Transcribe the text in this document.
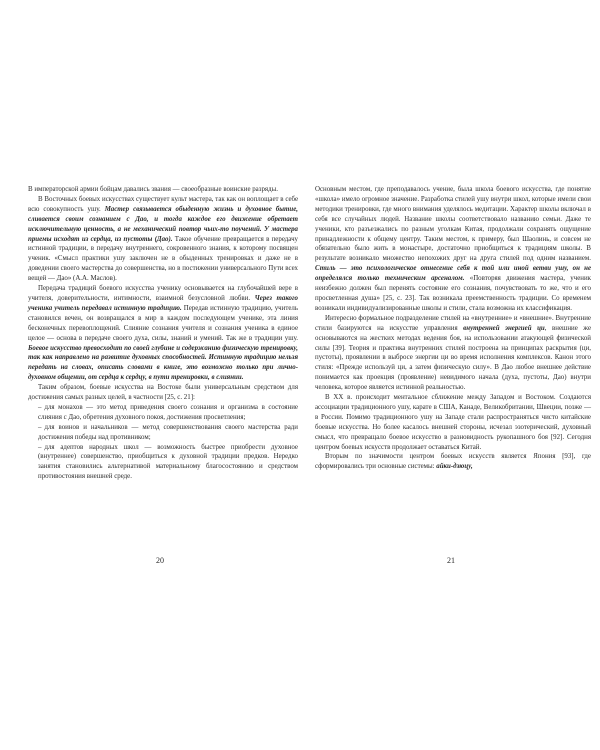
В императорской армии бойцам давались звания — своеобразные воинские разряды.

В Восточных боевых искусствах существует культ мастера, так как он воплощает в себе всю совокупность ушу. Мастер связывается обыденную жизнь и духовное бытие, сливается своим сознанием с Дао, и тогда каждое его движение обретает исключительную ценность, а не механический повтор чьих-то поучений. У мастера приемы исходят из сердца, из пустоты (Дао). Такое обучение превращается в передачу истинной традиции, в передачу внутреннего, сокровенного знания, к которому посвящен ученик. «Смысл практики ушу заключен не в обыденных тренировках и даже не в доведении своего мастерства до совершенства, но в постижении универсального Пути всех вещей — Дао» (А.А. Маслов).

Передача традиций боевого искусства ученику основывается на глубочайшей вере в учителя, доверительности, интимности, взаимной безусловной любви. Через такого ученика учитель передавал истинную традицию. Передав истинную традицию, учитель становился вечен, он возвращался в мир в каждом последующем ученике, эта линия бесконечных перевоплощений. Слияние сознания учителя и сознания ученика в единое целое — основа в передаче своего духа, силы, знаний и умений. Так же в традиции ушу. Боевое искусство превосходит по своей глубине и содержанию физическую тренировку, так как направлено на развитие духовных способностей. Истинную традицию нельзя передать на словах, описать словами в книге, это возможно только при лично-духовном общении, от сердца к сердцу, в пути тренировки, в слиянии.

Таким образом, боевые искусства на Востоке были универсальным средством для достижения самых разных целей, в частности [25, с. 21]:

– для монахов — это метод приведения своего сознания и организма в состояние слияния с Дао, обретения духовного покоя, достижения просветления;
– для воинов и начальников — метод совершенствования своего мастерства ради достижения победы над противником;
– для адептов народных школ — возможность быстрее приобрести духовное (внутреннее) совершенство, приобщиться к духовной традиции предков. Нередко занятия становились альтернативой материальному благосостоянию и средством противостояния внешней среде.
20

Основным местом, где преподавалось учение, была школа боевого искусства, где понятие «школа» имело огромное значение. Разработка стилей ушу внутри школ, которые имели свои методики тренировки, где много внимания уделялось медитации. Характер школы включал в себя все случайных людей. Название школы соответствовало названию семьи. Даже те ученики, кто разъезжались по разным уголкам Китая, продолжали сохранять ощущение принадлежности к общему центру. Таким местом, к примеру, был Шаолинь, и совсем не обязательно было жить в монастыре, достаточно приобщиться к традициям школы. В результате возникало множество непохожих друг на друга стилей под одним названием. Стиль — это психологическое отнесение себя к той или иной ветви ушу, он не определялся только техническим арсеналом. «Повторяя движения мастера, ученик неизбежно должен был перенять состояние его сознания, почувствовать то же, что и его просветленная душа» [25, с. 23]. Так возникала преемственность традиции. Со временем возникали индивидуализированные школы и стили, стала возможна их классификация.

Интересно формальное подразделение стилей на «внутренние» и «внешние». Внутренние стили базируются на искусстве управления внутренней энергией ци, внешние же основываются на жестких методах ведения боя, на использовании атакующей физической силы [39]. Теория и практика внутренних стилей построена на принципах раскрытия (ци, пустоты), проявлении в выбросе энергии ци во время исполнения комплексов. Канон этого стиля: «Прежде используй ци, а затем физическую силу». В Дао любое внешнее действие понимается как проекция (проявление) невидимого начала (духа, пустоты, Дао) внутри человека, которое является истинной реальностью.

В XX в. происходит ментальное сближение между Западом и Востоком. Создаются ассоциации традиционного ушу, карате в США, Канаде, Великобритании, Швеции, позже — в России. Помимо традиционного ушу на Западе стали распространяться чисто китайские боевые искусства. Но более касалось внешней стороны, исчезал эзотерический, духовный смысл, что превращало боевое искусство в разновидность рукопашного боя [92]. Сегодня центром боевых искусств продолжает оставаться Китай.

Вторым по значимости центром боевых искусств является Япония [93], где сформировались три основные системы: айки-дзюцу,

21
